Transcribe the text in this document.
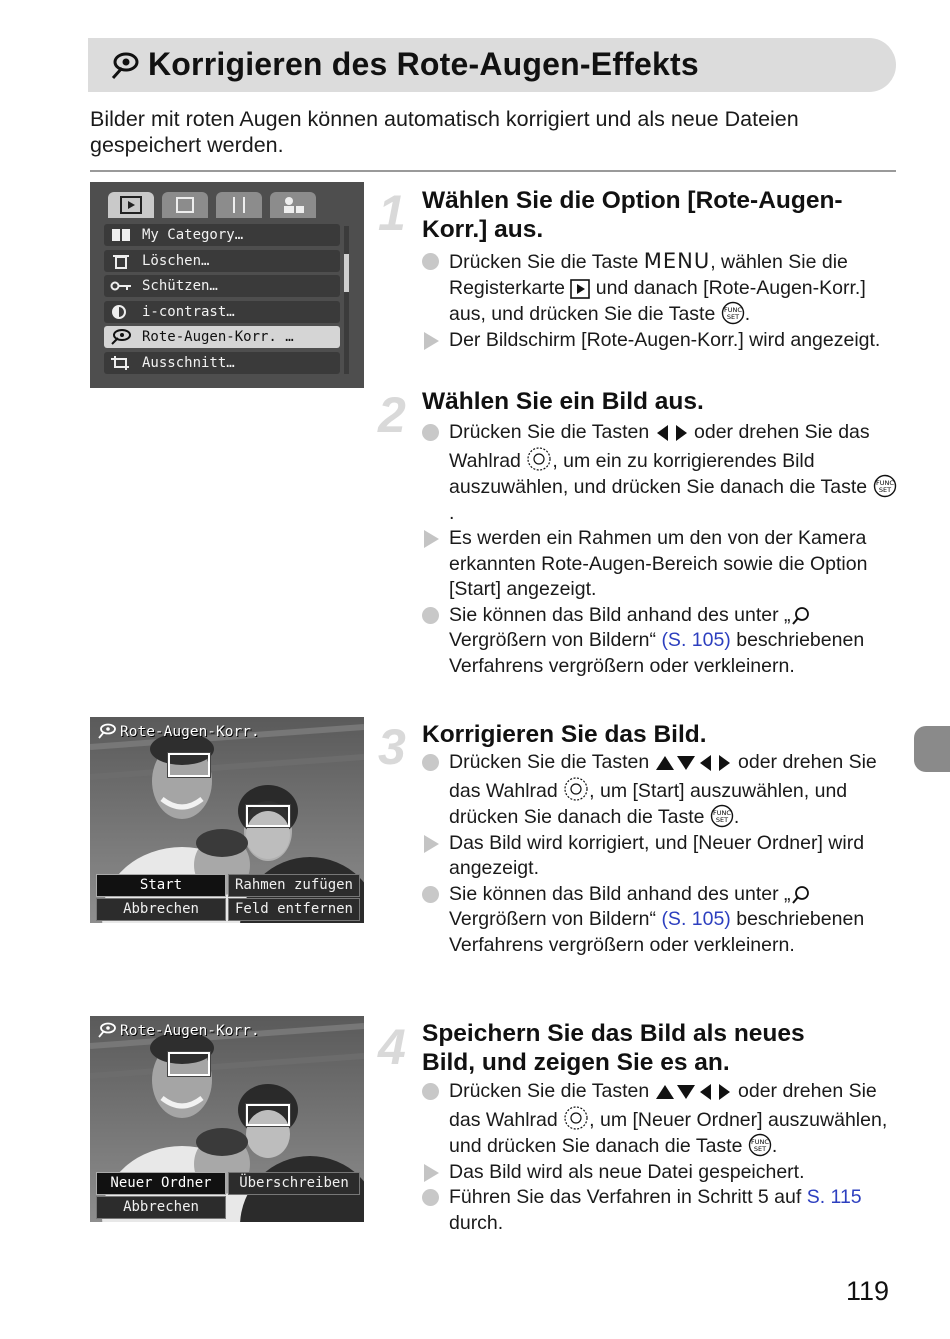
Korrigieren des Rote-Augen-Effekts
Bilder mit roten Augen können automatisch korrigiert und als neue Dateien gespeichert werden.
My Category…
Löschen…
Schützen…
i-contrast…
Rote-Augen-Korr. …
Ausschnitt…
1 Wählen Sie die Option [Rote-Augen-
Korr.] aus.
Drücken Sie die Taste MENU, wählen Sie die Registerkarte  und danach [Rote-Augen-Korr.] aus, und drücken Sie die Taste FUNC
SET .
Der Bildschirm [Rote-Augen-Korr.] wird angezeigt.
2 Wählen Sie ein Bild aus.
Drücken Sie die Tasten  oder drehen Sie das Wahlrad , um ein zu korrigierendes Bild auszuwählen, und drücken Sie danach die Taste FUNC
SET
.
Es werden ein Rahmen um den von der Kamera erkannten Rote-Augen-Bereich sowie die Option [Start] angezeigt.
Sie können das Bild anhand des unter „ Vergrößern von Bildern“ (S. 105) beschriebenen Verfahrens vergrößern oder verkleinern.
Rote-Augen-Korr.
Start	Rahmen zufügen
Abbrechen	Feld entfernen
3 Korrigieren Sie das Bild.
Drücken Sie die Tasten	oder drehen Sie das Wahlrad , um [Start] auszuwählen, und drücken Sie danach die Taste FUNC
SET .
Das Bild wird korrigiert, und [Neuer Ordner] wird angezeigt.
Sie können das Bild anhand des unter „ Vergrößern von Bildern“ (S. 105) beschriebenen Verfahrens vergrößern oder verkleinern.
Rote-Augen-Korr.
Neuer Ordner	Überschreiben
Abbrechen
4 Speichern Sie das Bild als neues
Bild, und zeigen Sie es an.
Drücken Sie die Tasten	oder drehen Sie das Wahlrad , um [Neuer Ordner] auszuwählen, und drücken Sie danach die Taste FUNC
SET .
Das Bild wird als neue Datei gespeichert.
Führen Sie das Verfahren in Schritt 5 auf S. 115 durch.
119
